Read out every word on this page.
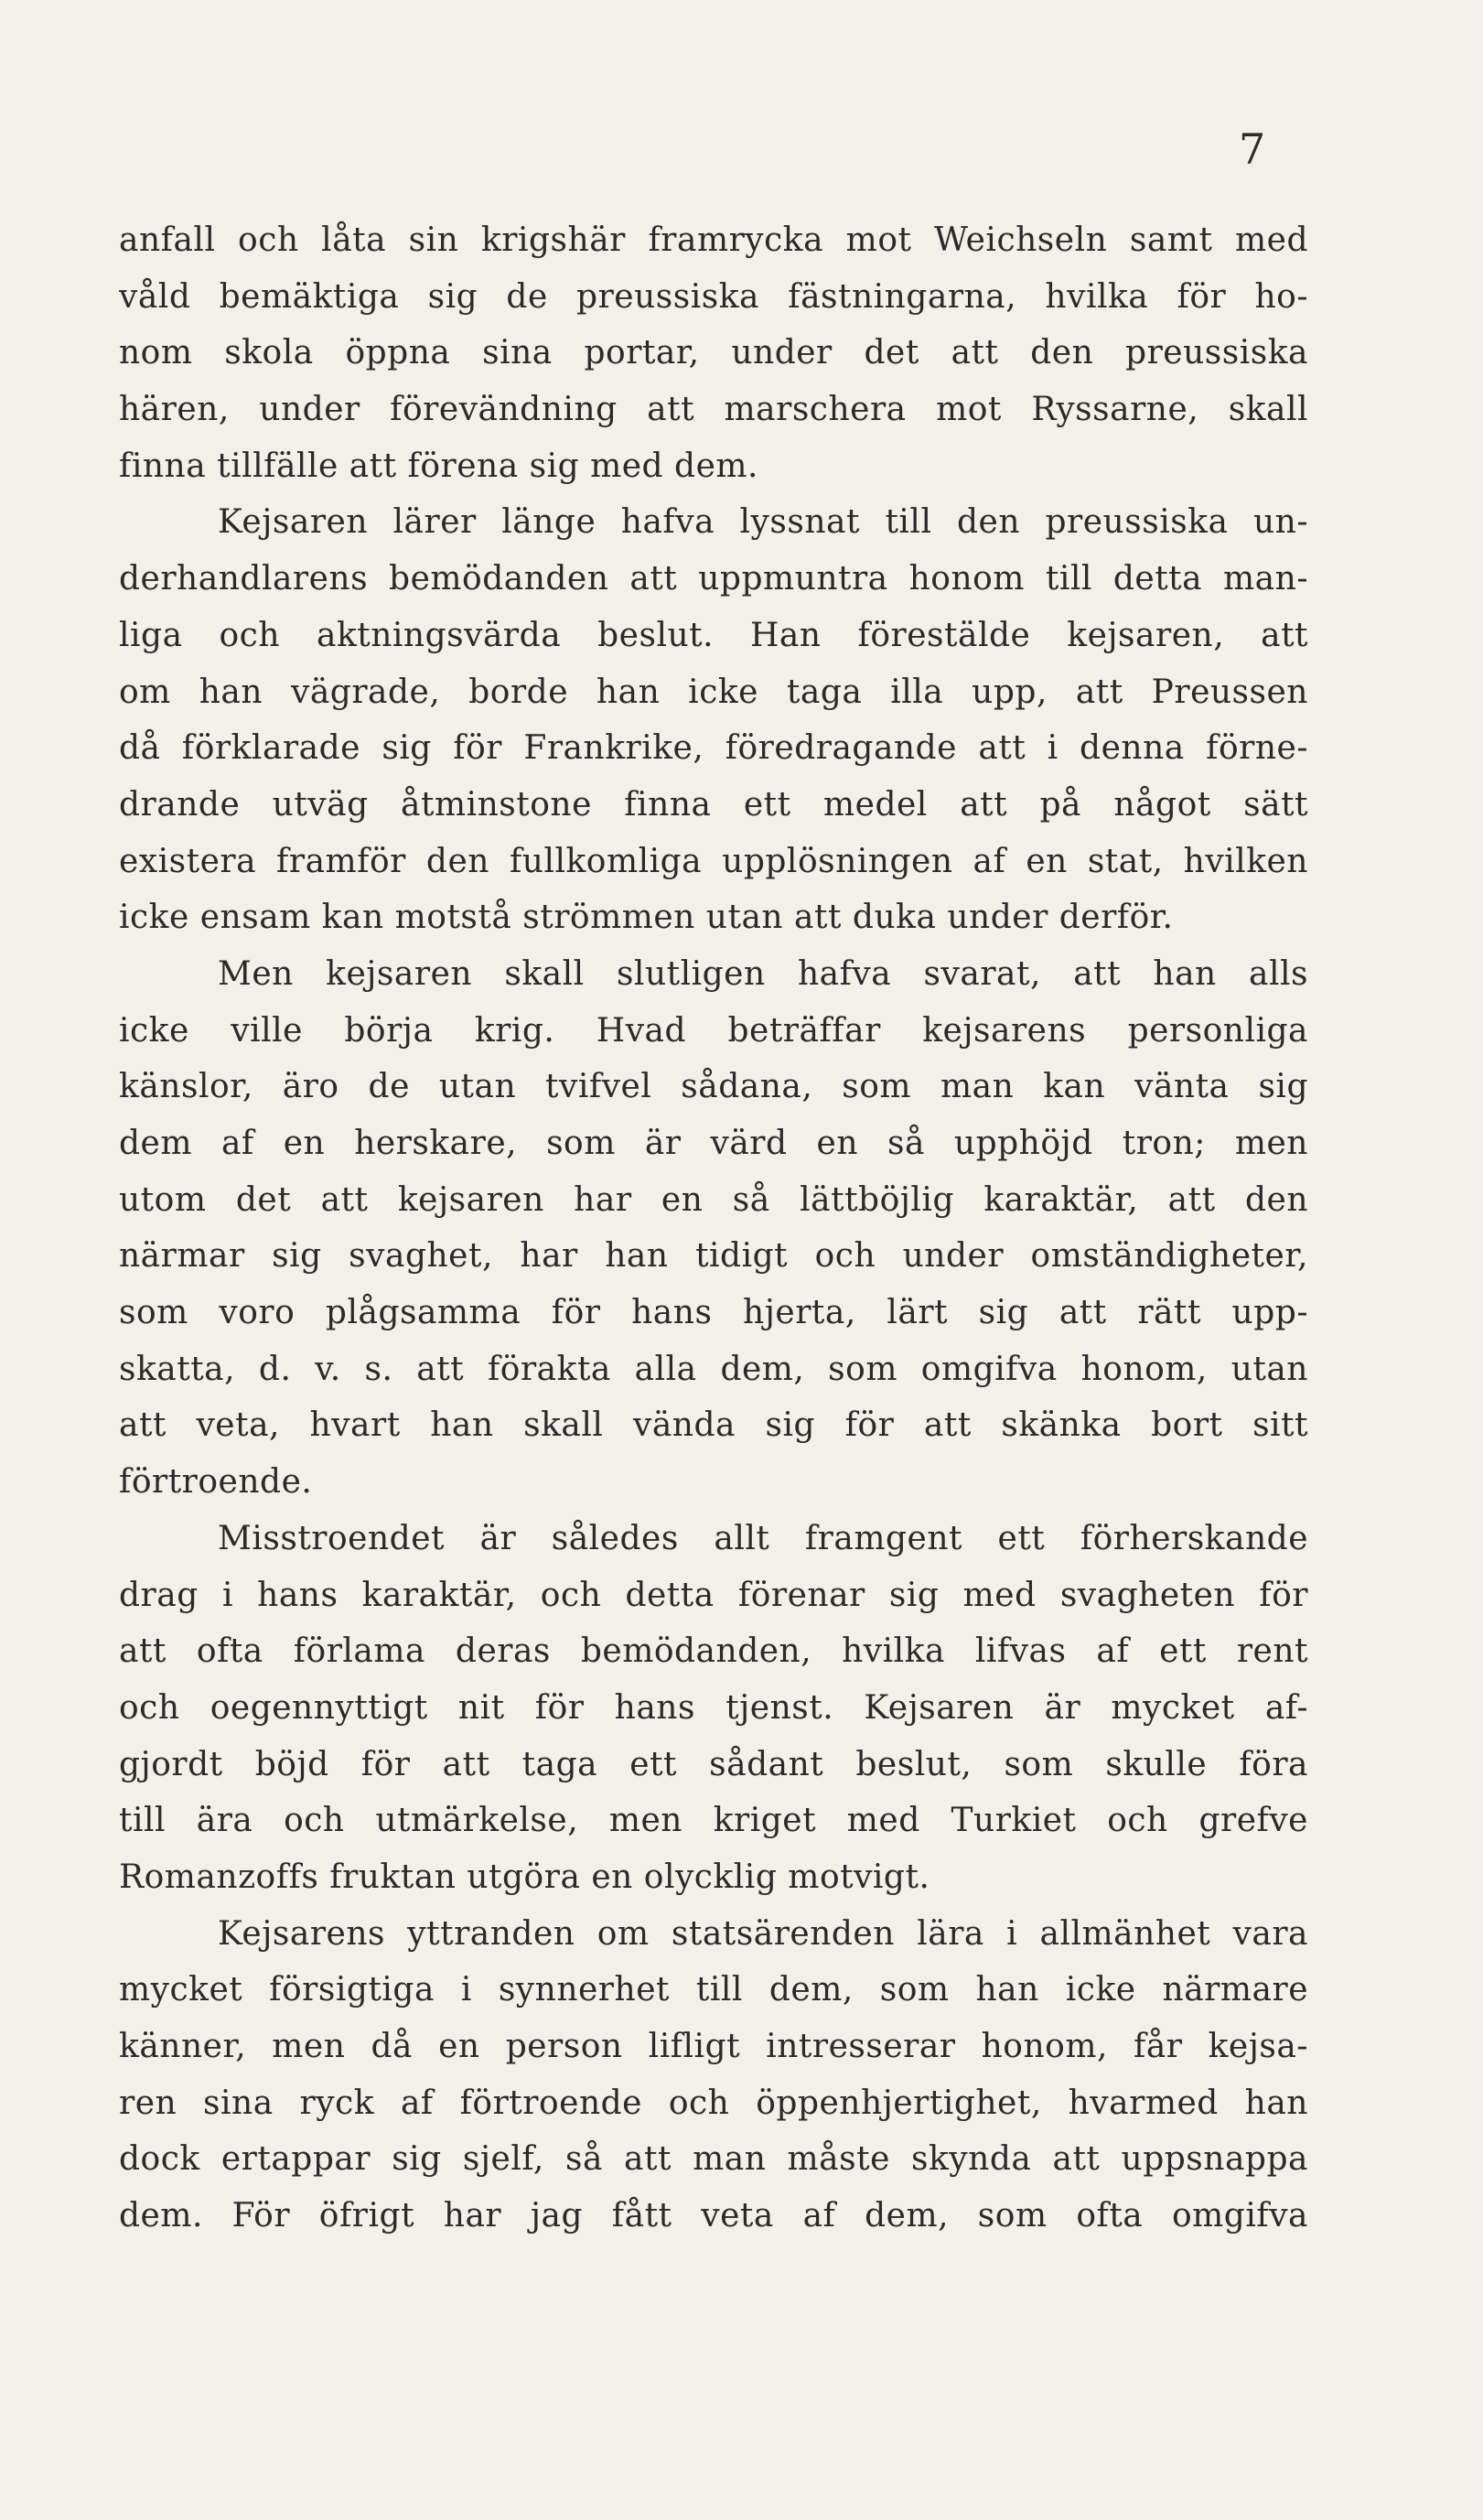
7
anfall och låta sin krigshär framrycka mot Weichseln samt med
våld bemäktiga sig de preussiska fästningarna, hvilka för ho-
nom skola öppna sina portar, under det att den preussiska
hären, under förevändning att marschera mot Ryssarne, skall
finna tillfälle att förena sig med dem.
Kejsaren lärer länge hafva lyssnat till den preussiska un-
derhandlarens bemödanden att uppmuntra honom till detta man-
liga och aktningsvärda beslut. Han förestälde kejsaren, att
om han vägrade, borde han icke taga illa upp, att Preussen
då förklarade sig för Frankrike, föredragande att i denna förne-
drande utväg åtminstone finna ett medel att på något sätt
existera framför den fullkomliga upplösningen af en stat, hvilken
icke ensam kan motstå strömmen utan att duka under derför.
Men kejsaren skall slutligen hafva svarat, att han alls
icke ville börja krig. Hvad beträffar kejsarens personliga
känslor, äro de utan tvifvel sådana, som man kan vänta sig
dem af en herskare, som är värd en så upphöjd tron; men
utom det att kejsaren har en så lättböjlig karaktär, att den
närmar sig svaghet, har han tidigt och under omständigheter,
som voro plågsamma för hans hjerta, lärt sig att rätt upp-
skatta, d. v. s. att förakta alla dem, som omgifva honom, utan
att veta, hvart han skall vända sig för att skänka bort sitt
förtroende.
Misstroendet är således allt framgent ett förherskande
drag i hans karaktär, och detta förenar sig med svagheten för
att ofta förlama deras bemödanden, hvilka lifvas af ett rent
och oegennyttigt nit för hans tjenst. Kejsaren är mycket af-
gjordt böjd för att taga ett sådant beslut, som skulle föra
till ära och utmärkelse, men kriget med Turkiet och grefve
Romanzoffs fruktan utgöra en olycklig motvigt.
Kejsarens yttranden om statsärenden lära i allmänhet vara
mycket försigtiga i synnerhet till dem, som han icke närmare
känner, men då en person lifligt intresserar honom, får kejsa-
ren sina ryck af förtroende och öppenhjertighet, hvarmed han
dock ertappar sig sjelf, så att man måste skynda att uppsnappa
dem. För öfrigt har jag fått veta af dem, som ofta omgifva
